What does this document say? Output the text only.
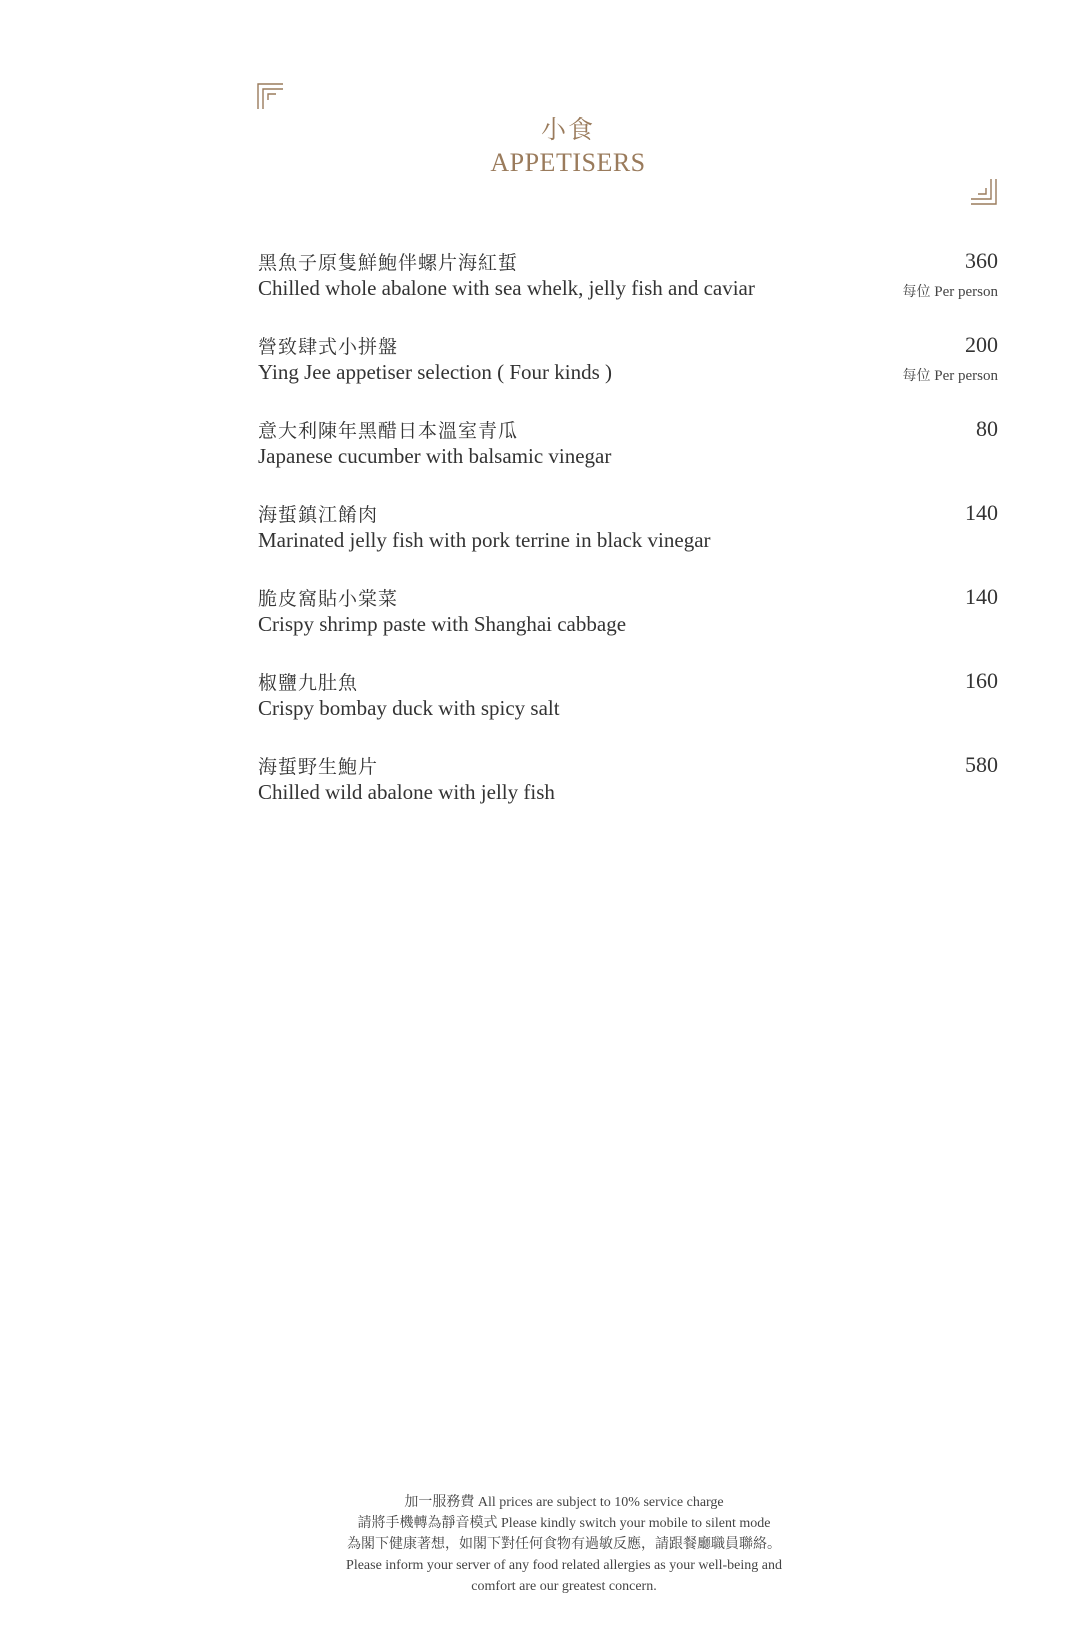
小食
APPETISERS
黑魚子原隻鮮鮑伴螺片海紅蜇
Chilled whole abalone with sea whelk, jelly fish and caviar
360
每位 Per person
營致肆式小拼盤
Ying Jee appetiser selection ( Four kinds )
200
每位 Per person
意大利陳年黑醋日本溫室青瓜
Japanese cucumber with balsamic vinegar
80
海蜇鎮江餚肉
Marinated jelly fish with pork terrine in black vinegar
140
脆皮窩貼小棠菜
Crispy shrimp paste with Shanghai cabbage
140
椒鹽九肚魚
Crispy bombay duck with spicy salt
160
海蜇野生鮑片
Chilled wild abalone with jelly fish
580
加一服務費 All prices are subject to 10% service charge
請將手機轉為靜音模式 Please kindly switch your mobile to silent mode
為閣下健康著想，如閣下對任何食物有過敏反應，請跟餐廳職員聯絡。
Please inform your server of any food related allergies as your well-being and
comfort are our greatest concern.
